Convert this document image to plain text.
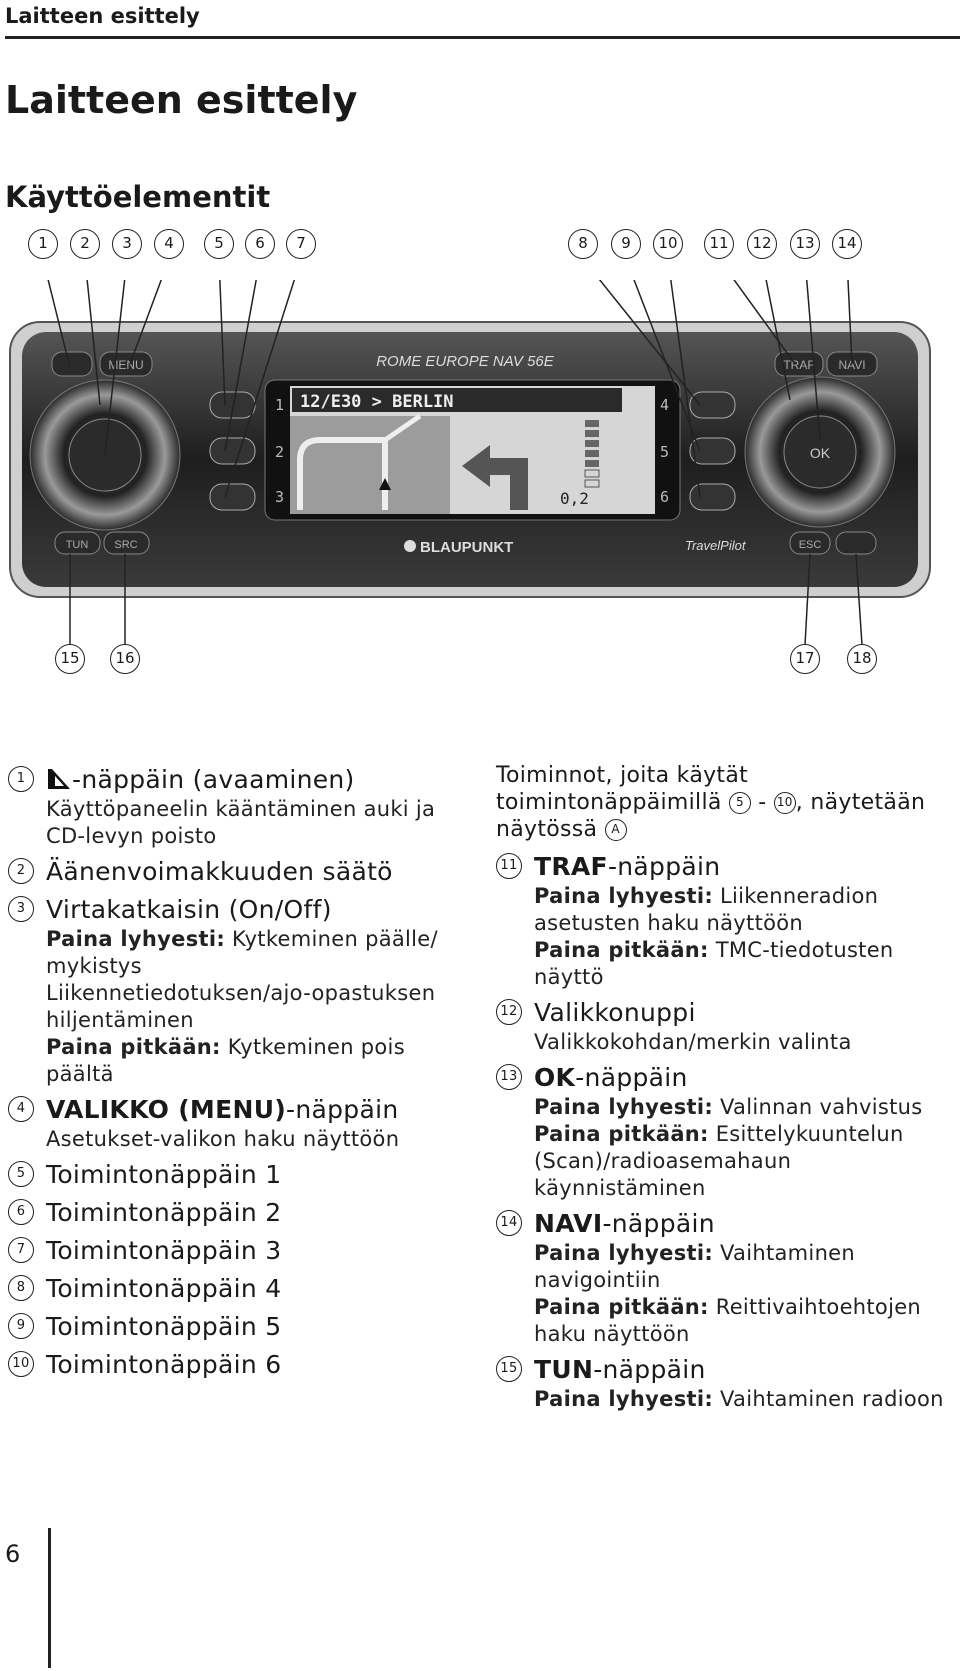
Laitteen esittely
Laitteen esittely
Käyttöelementit
1	2	3	4	5	6	7	8	9	10	11	12	13	14
OK
MENU	TRAF NAVI
ROME EUROPE NAV 56E
12/E30 > BERLIN
0,2
1
2
3
4
5
6
TUN SRC	ESC
BLAUPUNKT	TravelPilot
15	16	17	18
1	-näppäin (avaaminen)
Käyttöpaneelin kääntäminen auki ja CD-levyn poisto
2 Äänenvoimakkuuden säätö
3 Virtakatkaisin (On/Off)
Paina lyhyesti: Kytkeminen päälle/ mykistys
Liikennetiedotuksen/ajo-opastuksen hiljentäminen
Paina pitkään: Kytkeminen pois päältä
4 VALIKKO (MENU)-näppäin
Asetukset-valikon haku näyttöön
5 Toimintonäppäin 1
6 Toimintonäppäin 2
7 Toimintonäppäin 3
8 Toimintonäppäin 4
9 Toimintonäppäin 5
10 Toimintonäppäin 6
Toiminnot, joita käytät toimintonäppäimillä 5 - 10 , näytetään näytössä A
11 TRAF-näppäin
Paina lyhyesti: Liikenneradion asetusten haku näyttöön
Paina pitkään: TMC-tiedotusten näyttö
12 Valikkonuppi
Valikkokohdan/merkin valinta
13 OK-näppäin
Paina lyhyesti: Valinnan vahvistus
Paina pitkään: Esittelykuuntelun (Scan)/radioasemahaun käynnistäminen
14 NAVI-näppäin
Paina lyhyesti: Vaihtaminen navigointiin
Paina pitkään: Reittivaihtoehtojen haku näyttöön
15 TUN-näppäin
Paina lyhyesti: Vaihtaminen radioon
6
